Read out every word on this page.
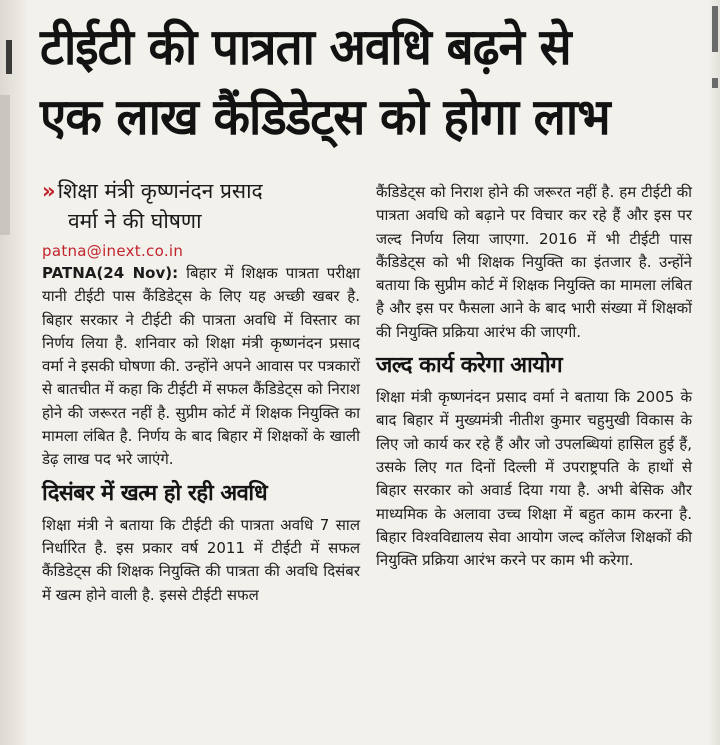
टीईटी की पात्रता अवधि बढ़ने से
एक लाख कैंडिडेट्स को होगा लाभ
» शिक्षा मंत्री कृष्णनंदन प्रसाद
वर्मा ने की घोषणा
patna@inext.co.in

PATNA(24 Nov): बिहार में शिक्षक पात्रता परीक्षा यानी टीईटी पास कैंडिडेट्स के लिए यह अच्छी खबर है. बिहार सरकार ने टीईटी की पात्रता अवधि में विस्तार का निर्णय लिया है. शनिवार को शिक्षा मंत्री कृष्णनंदन प्रसाद वर्मा ने इसकी घोषणा की. उन्होंने अपने आवास पर पत्रकारों से बातचीत में कहा कि टीईटी में सफल कैंडिडेट्स को निराश होने की जरूरत नहीं है. सुप्रीम कोर्ट में शिक्षक नियुक्ति का मामला लंबित है. निर्णय के बाद बिहार में शिक्षकों के खाली डेढ़ लाख पद भरे जाएंगे.

दिसंबर में खत्म हो रही अवधि

शिक्षा मंत्री ने बताया कि टीईटी की पात्रता अवधि 7 साल निर्धारित है. इस प्रकार वर्ष 2011 में टीईटी में सफल कैंडिडेट्स की शिक्षक नियुक्ति की पात्रता की अवधि दिसंबर में खत्म होने वाली है. इससे टीईटी सफल

कैंडिडेट्स को निराश होने की जरूरत नहीं है. हम टीईटी की पात्रता अवधि को बढ़ाने पर विचार कर रहे हैं और इस पर जल्द निर्णय लिया जाएगा. 2016 में भी टीईटी पास कैंडिडेट्स को भी शिक्षक नियुक्ति का इंतजार है. उन्होंने बताया कि सुप्रीम कोर्ट में शिक्षक नियुक्ति का मामला लंबित है और इस पर फैसला आने के बाद भारी संख्या में शिक्षकों की नियुक्ति प्रक्रिया आरंभ की जाएगी.

जल्द कार्य करेगा आयोग

शिक्षा मंत्री कृष्णनंदन प्रसाद वर्मा ने बताया कि 2005 के बाद बिहार में मुख्यमंत्री नीतीश कुमार चहुमुखी विकास के लिए जो कार्य कर रहे हैं और जो उपलब्धियां हासिल हुई हैं, उसके लिए गत दिनों दिल्ली में उपराष्ट्रपति के हाथों से बिहार सरकार को अवार्ड दिया गया है. अभी बेसिक और माध्यमिक के अलावा उच्च शिक्षा में बहुत काम करना है. बिहार विश्वविद्यालय सेवा आयोग जल्द कॉलेज शिक्षकों की नियुक्ति प्रक्रिया आरंभ करने पर काम भी करेगा.
